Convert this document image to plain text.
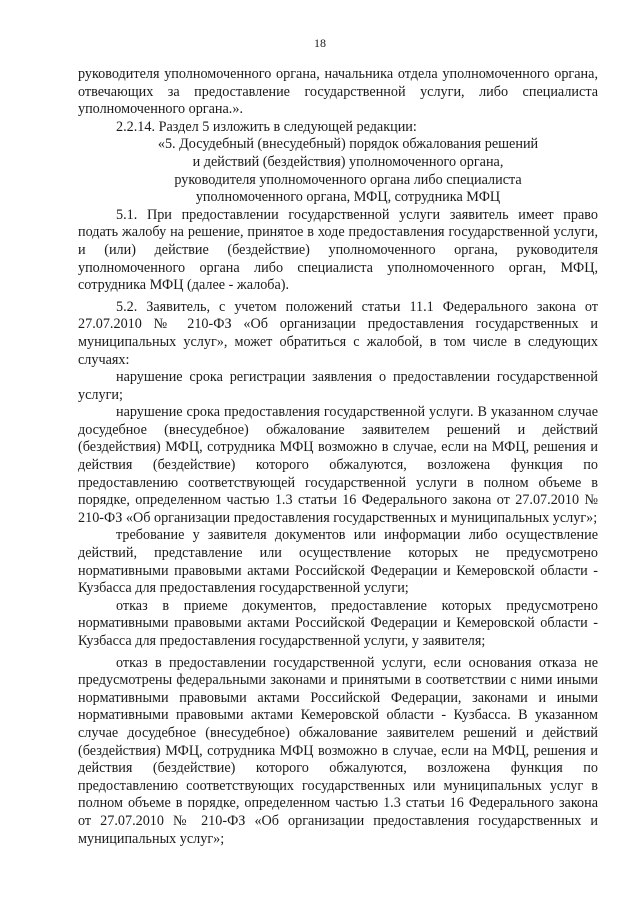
18

руководителя уполномоченного органа, начальника отдела уполномоченного органа, отвечающих за предоставление государственной услуги, либо специалиста уполномоченного органа.».

2.2.14. Раздел 5 изложить в следующей редакции:

«5. Досудебный (внесудебный) порядок обжалования решений

и действий (бездействия) уполномоченного органа,

руководителя уполномоченного органа либо специалиста

уполномоченного органа, МФЦ, сотрудника МФЦ

5.1. При предоставлении государственной услуги заявитель имеет право подать жалобу на решение, принятое в ходе предоставления государственной услуги, и (или) действие (бездействие) уполномоченного органа, руководителя уполномоченного органа либо специалиста уполномоченного орган, МФЦ, сотрудника МФЦ (далее - жалоба).

5.2. Заявитель, с учетом положений статьи 11.1 Федерального закона от 27.07.2010 № 210-ФЗ «Об организации предоставления государственных и муниципальных услуг», может обратиться с жалобой, в том числе в следующих случаях:

нарушение срока регистрации заявления о предоставлении государственной услуги;

нарушение срока предоставления государственной услуги. В указанном случае досудебное (внесудебное) обжалование заявителем решений и действий (бездействия) МФЦ, сотрудника МФЦ возможно в случае, если на МФЦ, решения и действия (бездействие) которого обжалуются, возложена функция по предоставлению соответствующей государственной услуги в полном объеме в порядке, определенном частью 1.3 статьи 16 Федерального закона от 27.07.2010 № 210-ФЗ «Об организации предоставления государственных и муниципальных услуг»;

требование у заявителя документов или информации либо осуществление действий, представление или осуществление которых не предусмотрено нормативными правовыми актами Российской Федерации и Кемеровской области - Кузбасса для предоставления государственной услуги;

отказ в приеме документов, предоставление которых предусмотрено нормативными правовыми актами Российской Федерации и Кемеровской области - Кузбасса для предоставления государственной услуги, у заявителя;

отказ в предоставлении государственной услуги, если основания отказа не предусмотрены федеральными законами и принятыми в соответствии с ними иными нормативными правовыми актами Российской Федерации, законами и иными нормативными правовыми актами Кемеровской области - Кузбасса. В указанном случае досудебное (внесудебное) обжалование заявителем решений и действий (бездействия) МФЦ, сотрудника МФЦ возможно в случае, если на МФЦ, решения и действия (бездействие) которого обжалуются, возложена функция по предоставлению соответствующих государственных или муниципальных услуг в полном объеме в порядке, определенном частью 1.3 статьи 16 Федерального закона от 27.07.2010 № 210-ФЗ «Об организации предоставления государственных и муниципальных услуг»;
